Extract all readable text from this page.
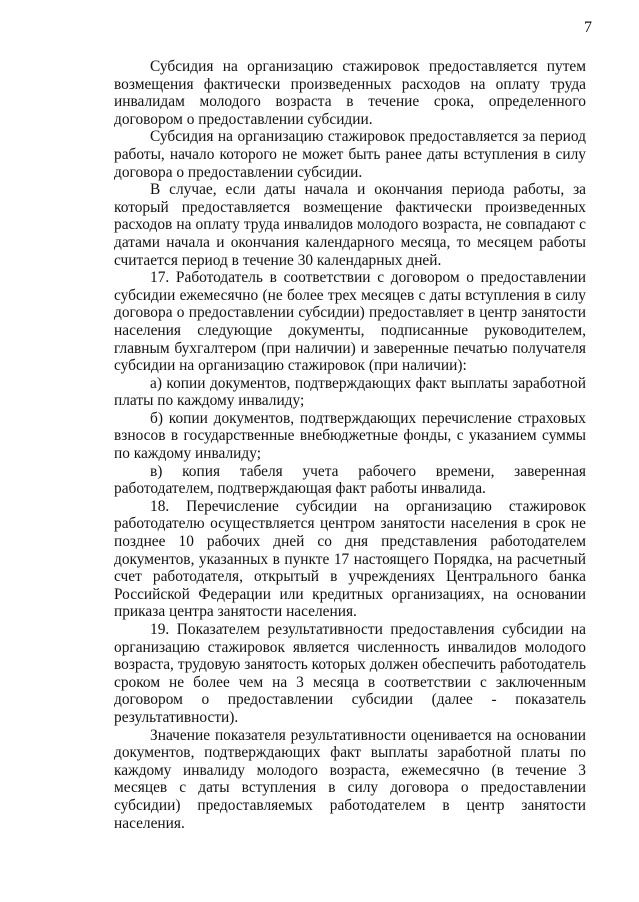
7

Субсидия на организацию стажировок предоставляется путем возмещения фактически произведенных расходов на оплату труда инвалидам молодого возраста в течение срока, определенного договором о предоставлении субсидии.

Субсидия на организацию стажировок предоставляется за период работы, начало которого не может быть ранее даты вступления в силу договора о предоставлении субсидии.

В случае, если даты начала и окончания периода работы, за который предоставляется возмещение фактически произведенных расходов на оплату труда инвалидов молодого возраста, не совпадают с датами начала и окончания календарного месяца, то месяцем работы считается период в течение 30 календарных дней.

17. Работодатель в соответствии с договором о предоставлении субсидии ежемесячно (не более трех месяцев с даты вступления в силу договора о предоставлении субсидии) предоставляет в центр занятости населения следующие документы, подписанные руководителем, главным бухгалтером (при наличии) и заверенные печатью получателя субсидии на организацию стажировок (при наличии):

а) копии документов, подтверждающих факт выплаты заработной платы по каждому инвалиду;

б) копии документов, подтверждающих перечисление страховых взносов в государственные внебюджетные фонды, с указанием суммы по каждому инвалиду;

в) копия табеля учета рабочего времени, заверенная работодателем, подтверждающая факт работы инвалида.

18. Перечисление субсидии на организацию стажировок работодателю осуществляется центром занятости населения в срок не позднее 10 рабочих дней со дня представления работодателем документов, указанных в пункте 17 настоящего Порядка, на расчетный счет работодателя, открытый в учреждениях Центрального банка Российской Федерации или кредитных организациях, на основании приказа центра занятости населения.

19. Показателем результативности предоставления субсидии на организацию стажировок является численность инвалидов молодого возраста, трудовую занятость которых должен обеспечить работодатель сроком не более чем на 3 месяца в соответствии с заключенным договором о предоставлении субсидии (далее - показатель результативности).

Значение показателя результативности оценивается на основании документов, подтверждающих факт выплаты заработной платы по каждому инвалиду молодого возраста, ежемесячно (в течение 3 месяцев с даты вступления в силу договора о предоставлении субсидии) предоставляемых работодателем в центр занятости населения.
